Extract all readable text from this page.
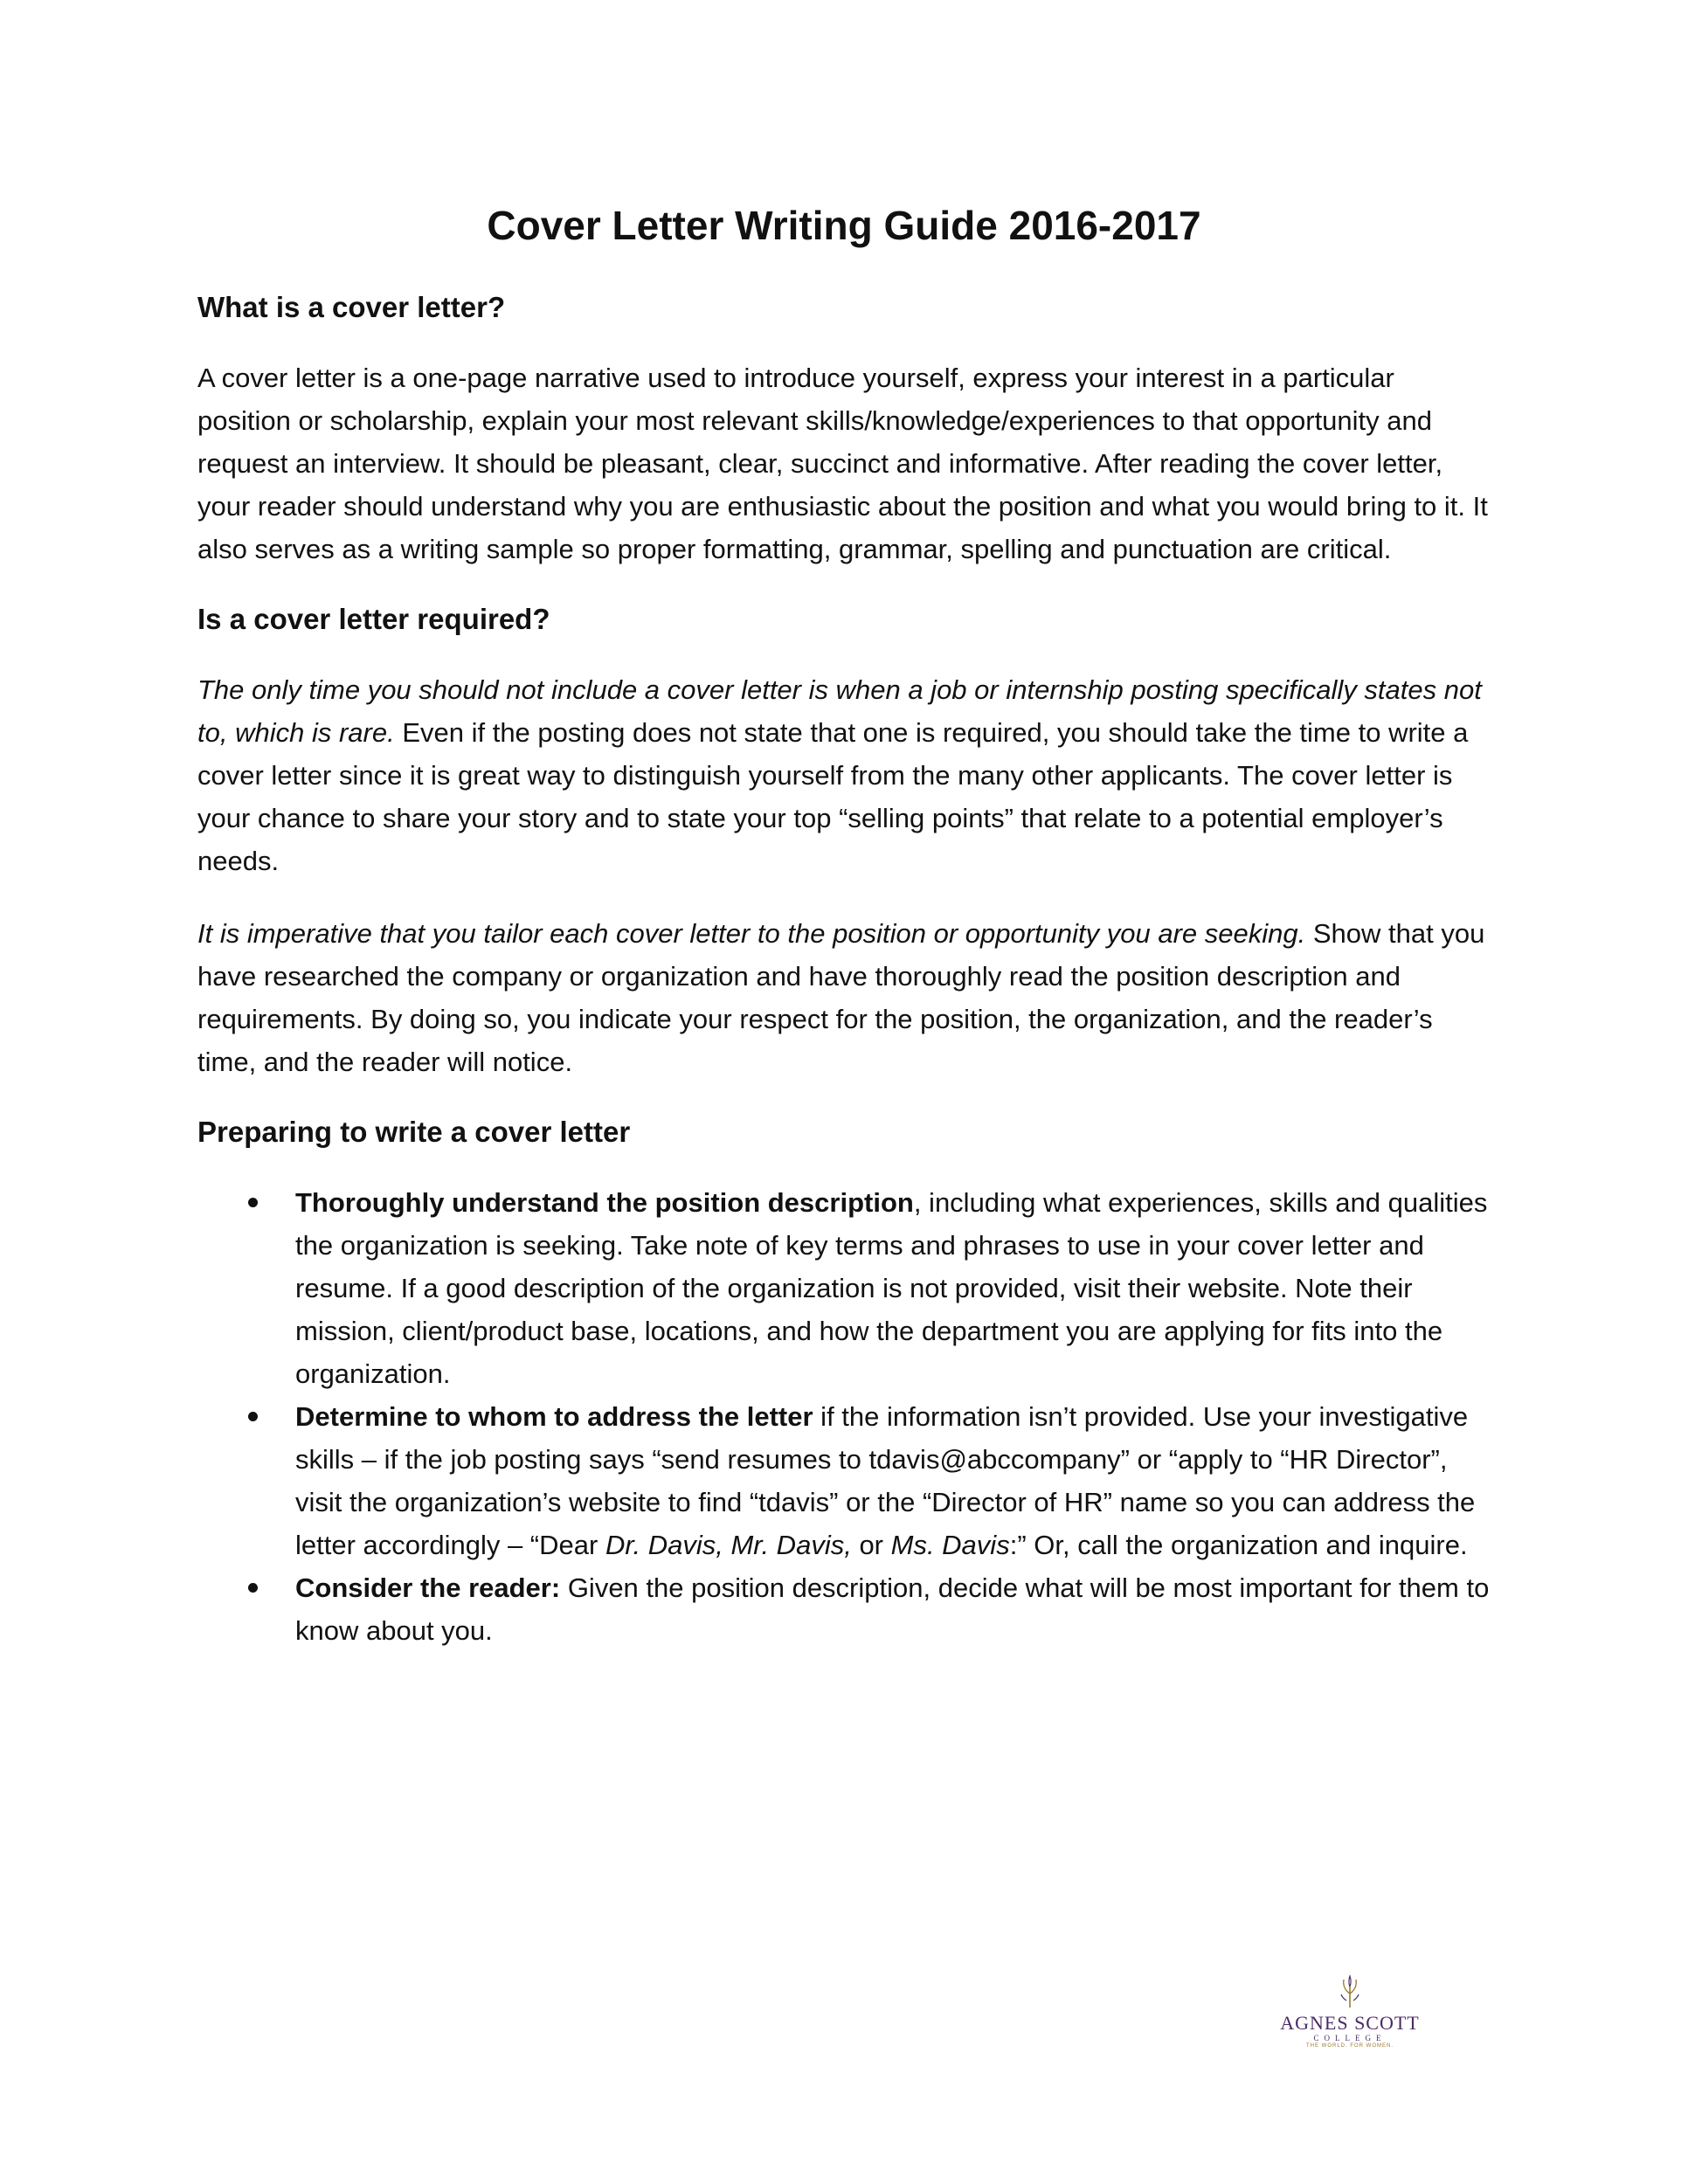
Cover Letter Writing Guide 2016-2017
What is a cover letter?

A cover letter is a one-page narrative used to introduce yourself, express your interest in a particular position or scholarship, explain your most relevant skills/knowledge/experiences to that opportunity and request an interview. It should be pleasant, clear, succinct and informative. After reading the cover letter, your reader should understand why you are enthusiastic about the position and what you would bring to it. It also serves as a writing sample so proper formatting, grammar, spelling and punctuation are critical.

Is a cover letter required?

The only time you should not include a cover letter is when a job or internship posting specifically states not to, which is rare. Even if the posting does not state that one is required, you should take the time to write a cover letter since it is great way to distinguish yourself from the many other applicants. The cover letter is your chance to share your story and to state your top “selling points” that relate to a potential employer’s needs.

It is imperative that you tailor each cover letter to the position or opportunity you are seeking. Show that you have researched the company or organization and have thoroughly read the position description and requirements. By doing so, you indicate your respect for the position, the organization, and the reader’s time, and the reader will notice.

Preparing to write a cover letter
Thoroughly understand the position description, including what experiences, skills and qualities the organization is seeking. Take note of key terms and phrases to use in your cover letter and resume. If a good description of the organization is not provided, visit their website. Note their mission, client/product base, locations, and how the department you are applying for fits into the organization.
Determine to whom to address the letter if the information isn’t provided. Use your investigative skills – if the job posting says “send resumes to tdavis@abccompany” or “apply to “HR Director”, visit the organization’s website to find “tdavis” or the “Director of HR” name so you can address the letter accordingly – “Dear Dr. Davis, Mr. Davis, or Ms. Davis:” Or, call the organization and inquire.
Consider the reader: Given the position description, decide what will be most important for them to know about you.
AGNES SCOTT
COLLEGE
THE WORLD. FOR WOMEN.
